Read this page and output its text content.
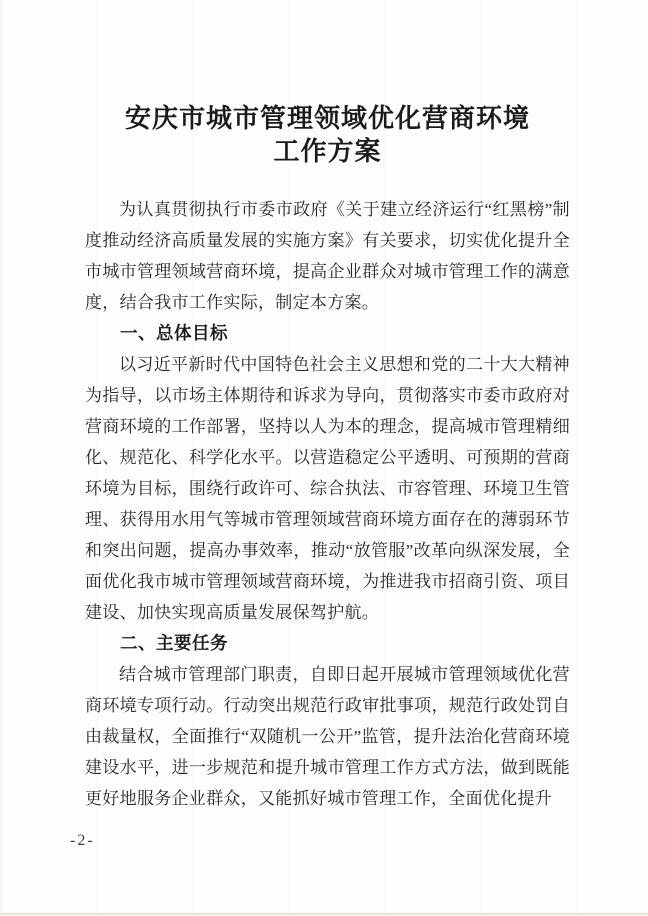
安庆市城市管理领域优化营商环境
工作方案

为认真贯彻执行市委市政府《关于建立经济运行“红黑榜”制度推动经济高质量发展的实施方案》有关要求，切实优化提升全市城市管理领域营商环境，提高企业群众对城市管理工作的满意度，结合我市工作实际，制定本方案。

一、总体目标

以习近平新时代中国特色社会主义思想和党的二十大大精神为指导，以市场主体期待和诉求为导向，贯彻落实市委市政府对营商环境的工作部署，坚持以人为本的理念，提高城市管理精细化、规范化、科学化水平。以营造稳定公平透明、可预期的营商环境为目标，围绕行政许可、综合执法、市容管理、环境卫生管理、获得用水用气等城市管理领域营商环境方面存在的薄弱环节和突出问题，提高办事效率，推动“放管服”改革向纵深发展，全面优化我市城市管理领域营商环境，为推进我市招商引资、项目建设、加快实现高质量发展保驾护航。

二、主要任务

结合城市管理部门职责，自即日起开展城市管理领域优化营商环境专项行动。行动突出规范行政审批事项，规范行政处罚自由裁量权，全面推行“双随机一公开”监管，提升法治化营商环境建设水平，进一步规范和提升城市管理工作方式方法，做到既能更好地服务企业群众，又能抓好城市管理工作，全面优化提升

-2-
